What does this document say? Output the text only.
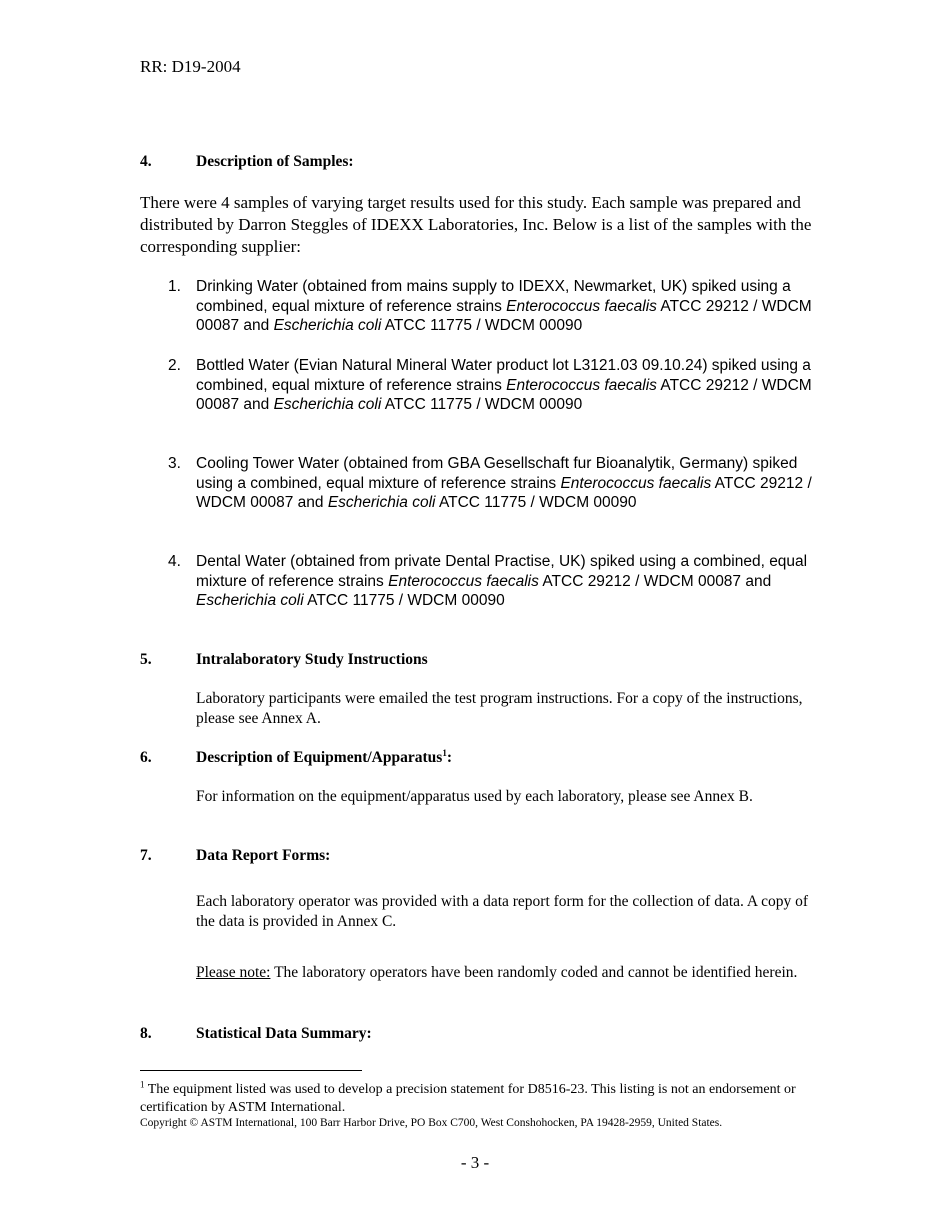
RR: D19-2004
4.	Description of Samples:
There were 4 samples of varying target results used for this study. Each sample was prepared and distributed by Darron Steggles of IDEXX Laboratories, Inc. Below is a list of the samples with the corresponding supplier:
1. Drinking Water (obtained from mains supply to IDEXX, Newmarket, UK) spiked using a combined, equal mixture of reference strains Enterococcus faecalis ATCC 29212 / WDCM 00087 and Escherichia coli ATCC 11775 / WDCM 00090
2. Bottled Water (Evian Natural Mineral Water product lot L3121.03 09.10.24) spiked using a combined, equal mixture of reference strains Enterococcus faecalis ATCC 29212 / WDCM 00087 and Escherichia coli ATCC 11775 / WDCM 00090
3. Cooling Tower Water (obtained from GBA Gesellschaft fur Bioanalytik, Germany) spiked using a combined, equal mixture of reference strains Enterococcus faecalis ATCC 29212 / WDCM 00087 and Escherichia coli ATCC 11775 / WDCM 00090
4. Dental Water (obtained from private Dental Practise, UK) spiked using a combined, equal mixture of reference strains Enterococcus faecalis ATCC 29212 / WDCM 00087 and Escherichia coli ATCC 11775 / WDCM 00090
5.	Intralaboratory Study Instructions
Laboratory participants were emailed the test program instructions. For a copy of the instructions, please see Annex A.
6.	Description of Equipment/Apparatus$^1$:
For information on the equipment/apparatus used by each laboratory, please see Annex B.
7.	Data Report Forms:
Each laboratory operator was provided with a data report form for the collection of data. A copy of the data is provided in Annex C.
Please note: The laboratory operators have been randomly coded and cannot be identified herein.
8.	Statistical Data Summary:
$^1$ The equipment listed was used to develop a precision statement for D8516-23. This listing is not an endorsement or certification by ASTM International.
Copyright © ASTM International, 100 Barr Harbor Drive, PO Box C700, West Conshohocken, PA 19428-2959, United States.
- 3 -
